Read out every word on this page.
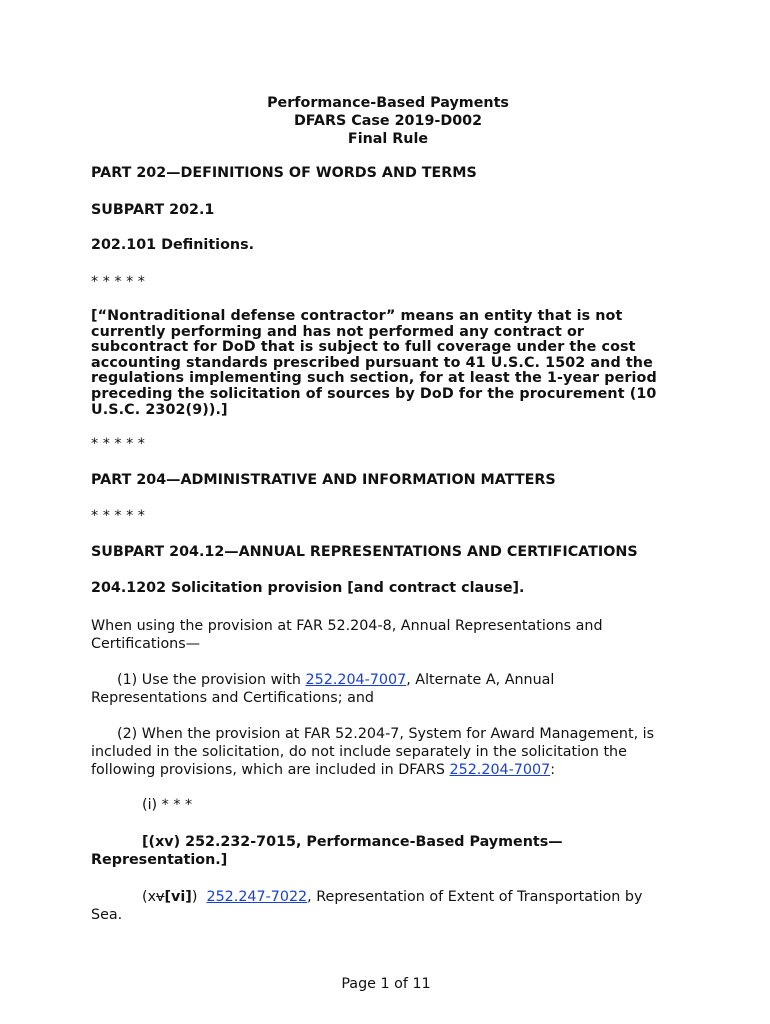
Performance-Based Payments
DFARS Case 2019-D002
Final Rule
PART 202—DEFINITIONS OF WORDS AND TERMS
SUBPART 202.1
202.101 Definitions.
* * * * *
[“Nontraditional defense contractor” means an entity that is not currently performing and has not performed any contract or subcontract for DoD that is subject to full coverage under the cost accounting standards prescribed pursuant to 41 U.S.C. 1502 and the regulations implementing such section, for at least the 1-year period preceding the solicitation of sources by DoD for the procurement (10 U.S.C. 2302(9)).]
* * * * *
PART 204—ADMINISTRATIVE AND INFORMATION MATTERS
* * * * *
SUBPART 204.12—ANNUAL REPRESENTATIONS AND CERTIFICATIONS
204.1202 Solicitation provision [and contract clause].
When using the provision at FAR 52.204-8, Annual Representations and Certifications—
(1) Use the provision with 252.204-7007, Alternate A, Annual Representations and Certifications; and
(2) When the provision at FAR 52.204-7, System for Award Management, is included in the solicitation, do not include separately in the solicitation the following provisions, which are included in DFARS 252.204-7007:
(i) * * *
[(xv) 252.232-7015, Performance-Based Payments—
Representation.]
(xv[vi])  252.247-7022, Representation of Extent of Transportation by Sea.
Page 1 of 11
